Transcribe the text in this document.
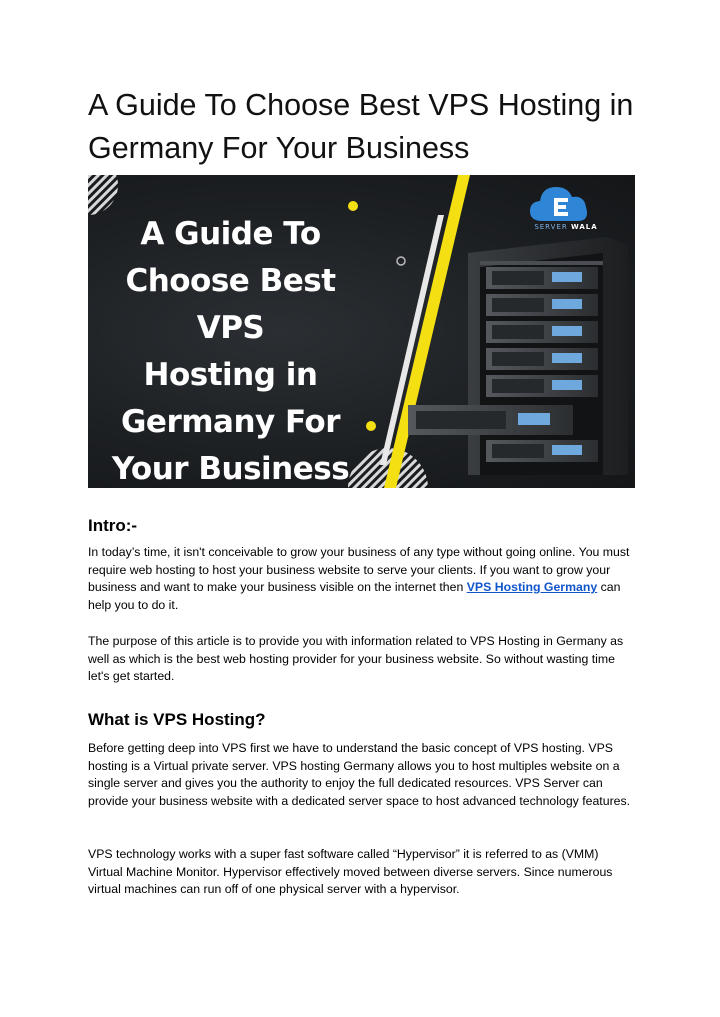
A Guide To Choose Best VPS Hosting in Germany For Your Business
A Guide To
Choose Best VPS
Hosting in
Germany For
Your Business
SERVER WALA
Intro:-

In today’s time, it isn't conceivable to grow your business of any type without going online. You must require web hosting to host your business website to serve your clients. If you want to grow your business and want to make your business visible on the internet then VPS Hosting Germany can help you to do it.

The purpose of this article is to provide you with information related to VPS Hosting in Germany as well as which is the best web hosting provider for your business website. So without wasting time let's get started.

What is VPS Hosting?

Before getting deep into VPS first we have to understand the basic concept of VPS hosting. VPS hosting is a Virtual private server. VPS hosting Germany allows you to host multiples website on a single server and gives you the authority to enjoy the full dedicated resources. VPS Server can provide your business website with a dedicated server space to host advanced technology features.

VPS technology works with a super fast software called “Hypervisor” it is referred to as (VMM) Virtual Machine Monitor. Hypervisor effectively moved between diverse servers. Since numerous virtual machines can run off of one physical server with a hypervisor.
